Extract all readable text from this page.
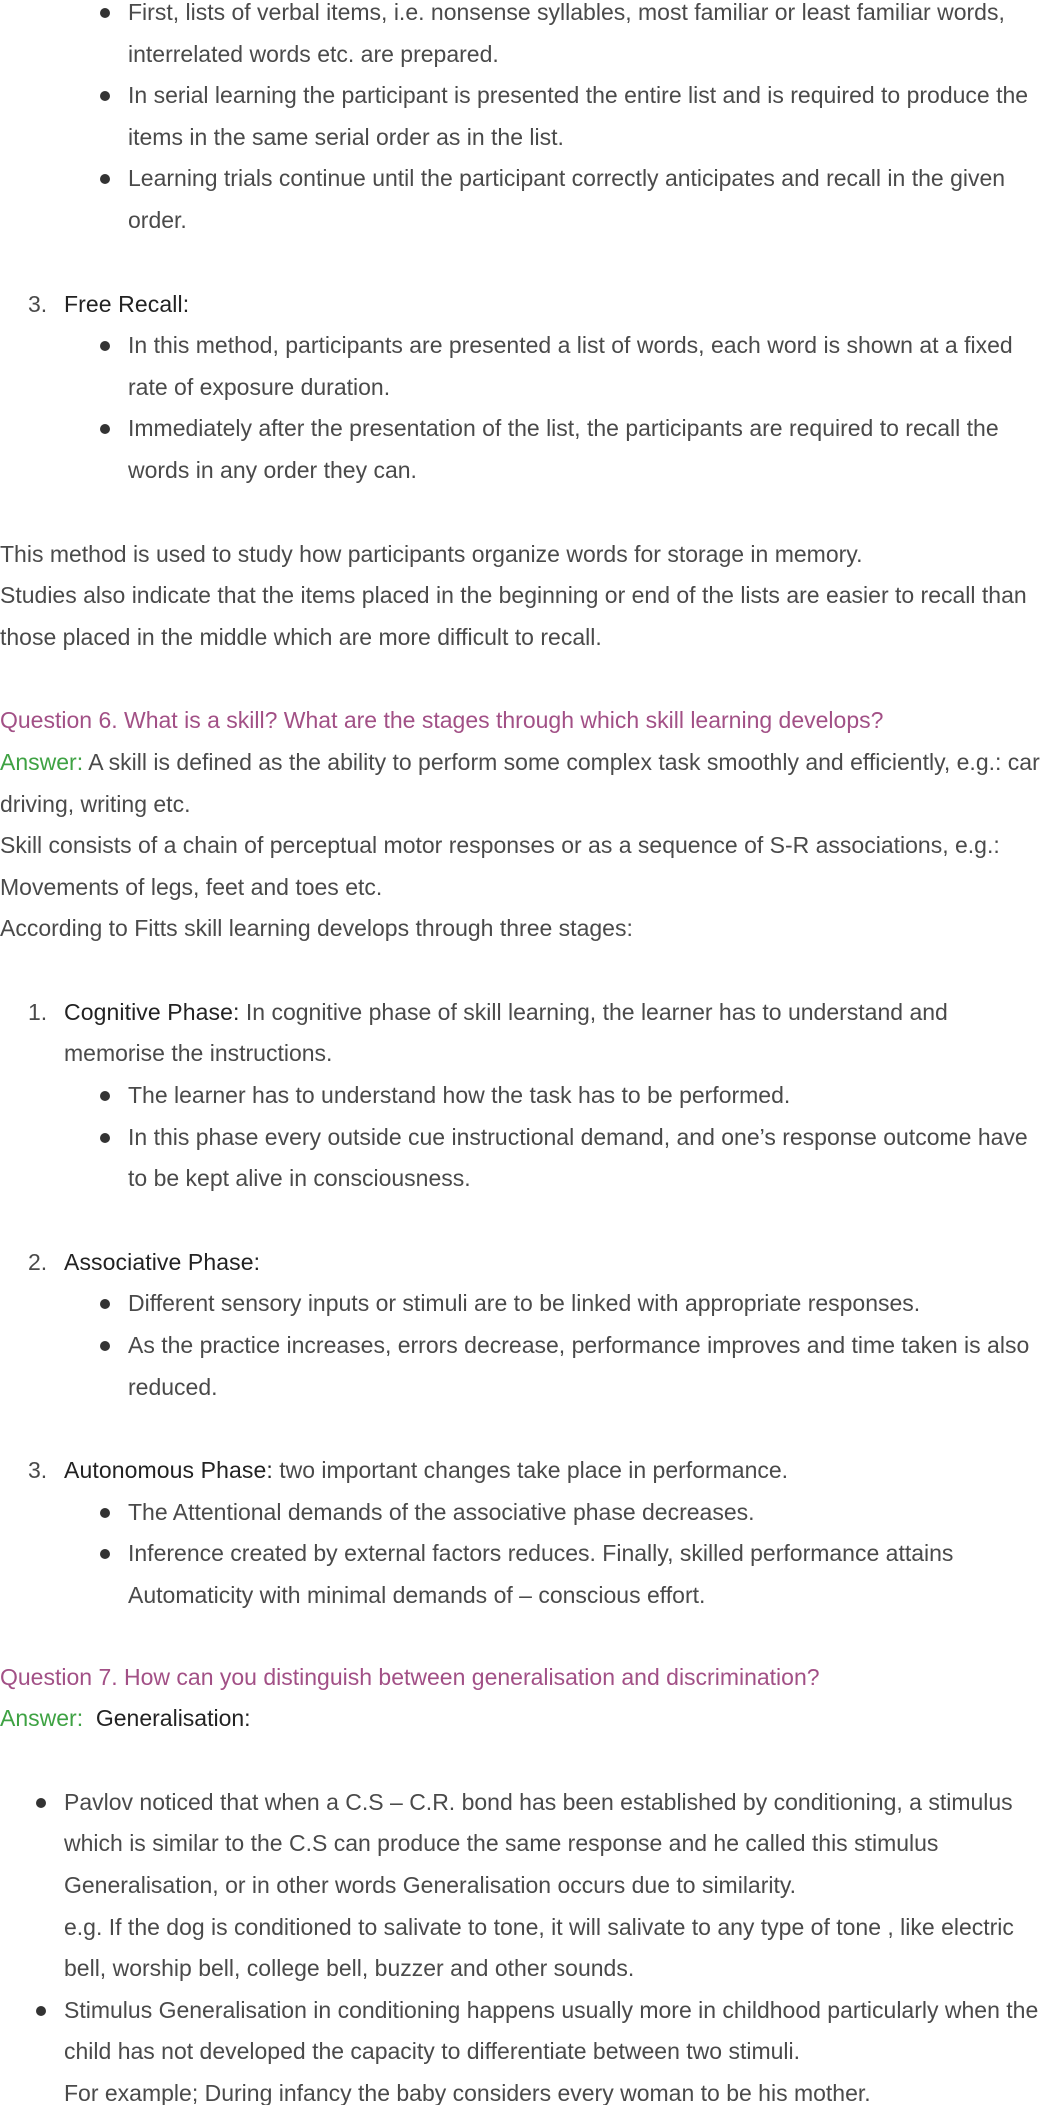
First, lists of verbal items, i.e. nonsense syllables, most familiar or least familiar words, interrelated words etc. are prepared.
In serial learning the participant is presented the entire list and is required to produce the items in the same serial order as in the list.
Learning trials continue until the participant correctly anticipates and recall in the given order.
3. Free Recall:
In this method, participants are presented a list of words, each word is shown at a fixed rate of exposure duration.
Immediately after the presentation of the list, the participants are required to recall the words in any order they can.

This method is used to study how participants organize words for storage in memory.

Studies also indicate that the items placed in the beginning or end of the lists are easier to recall than those placed in the middle which are more difficult to recall.

Question 6. What is a skill? What are the stages through which skill learning develops?

Answer: A skill is defined as the ability to perform some complex task smoothly and efficiently, e.g.: car driving, writing etc.

Skill consists of a chain of perceptual motor responses or as a sequence of S-R associations, e.g.: Movements of legs, feet and toes etc.

According to Fitts skill learning develops through three stages:

1. Cognitive Phase: In cognitive phase of skill learning, the learner has to understand and memorise the instructions.
The learner has to understand how the task has to be performed.
In this phase every outside cue instructional demand, and one’s response outcome have to be kept alive in consciousness.
2. Associative Phase:
Different sensory inputs or stimuli are to be linked with appropriate responses.
As the practice increases, errors decrease, performance improves and time taken is also reduced.
3. Autonomous Phase: two important changes take place in performance.
The Attentional demands of the associative phase decreases.
Inference created by external factors reduces. Finally, skilled performance attains Automaticity with minimal demands of – conscious effort.

Question 7. How can you distinguish between generalisation and discrimination?

Answer: Generalisation:

Pavlov noticed that when a C.S – C.R. bond has been established by conditioning, a stimulus which is similar to the C.S can produce the same response and he called this stimulus Generalisation, or in other words Generalisation occurs due to similarity.
e.g. If the dog is conditioned to salivate to tone, it will salivate to any type of tone , like electric bell, worship bell, college bell, buzzer and other sounds.
Stimulus Generalisation in conditioning happens usually more in childhood particularly when the child has not developed the capacity to differentiate between two stimuli.
For example; During infancy the baby considers every woman to be his mother.
